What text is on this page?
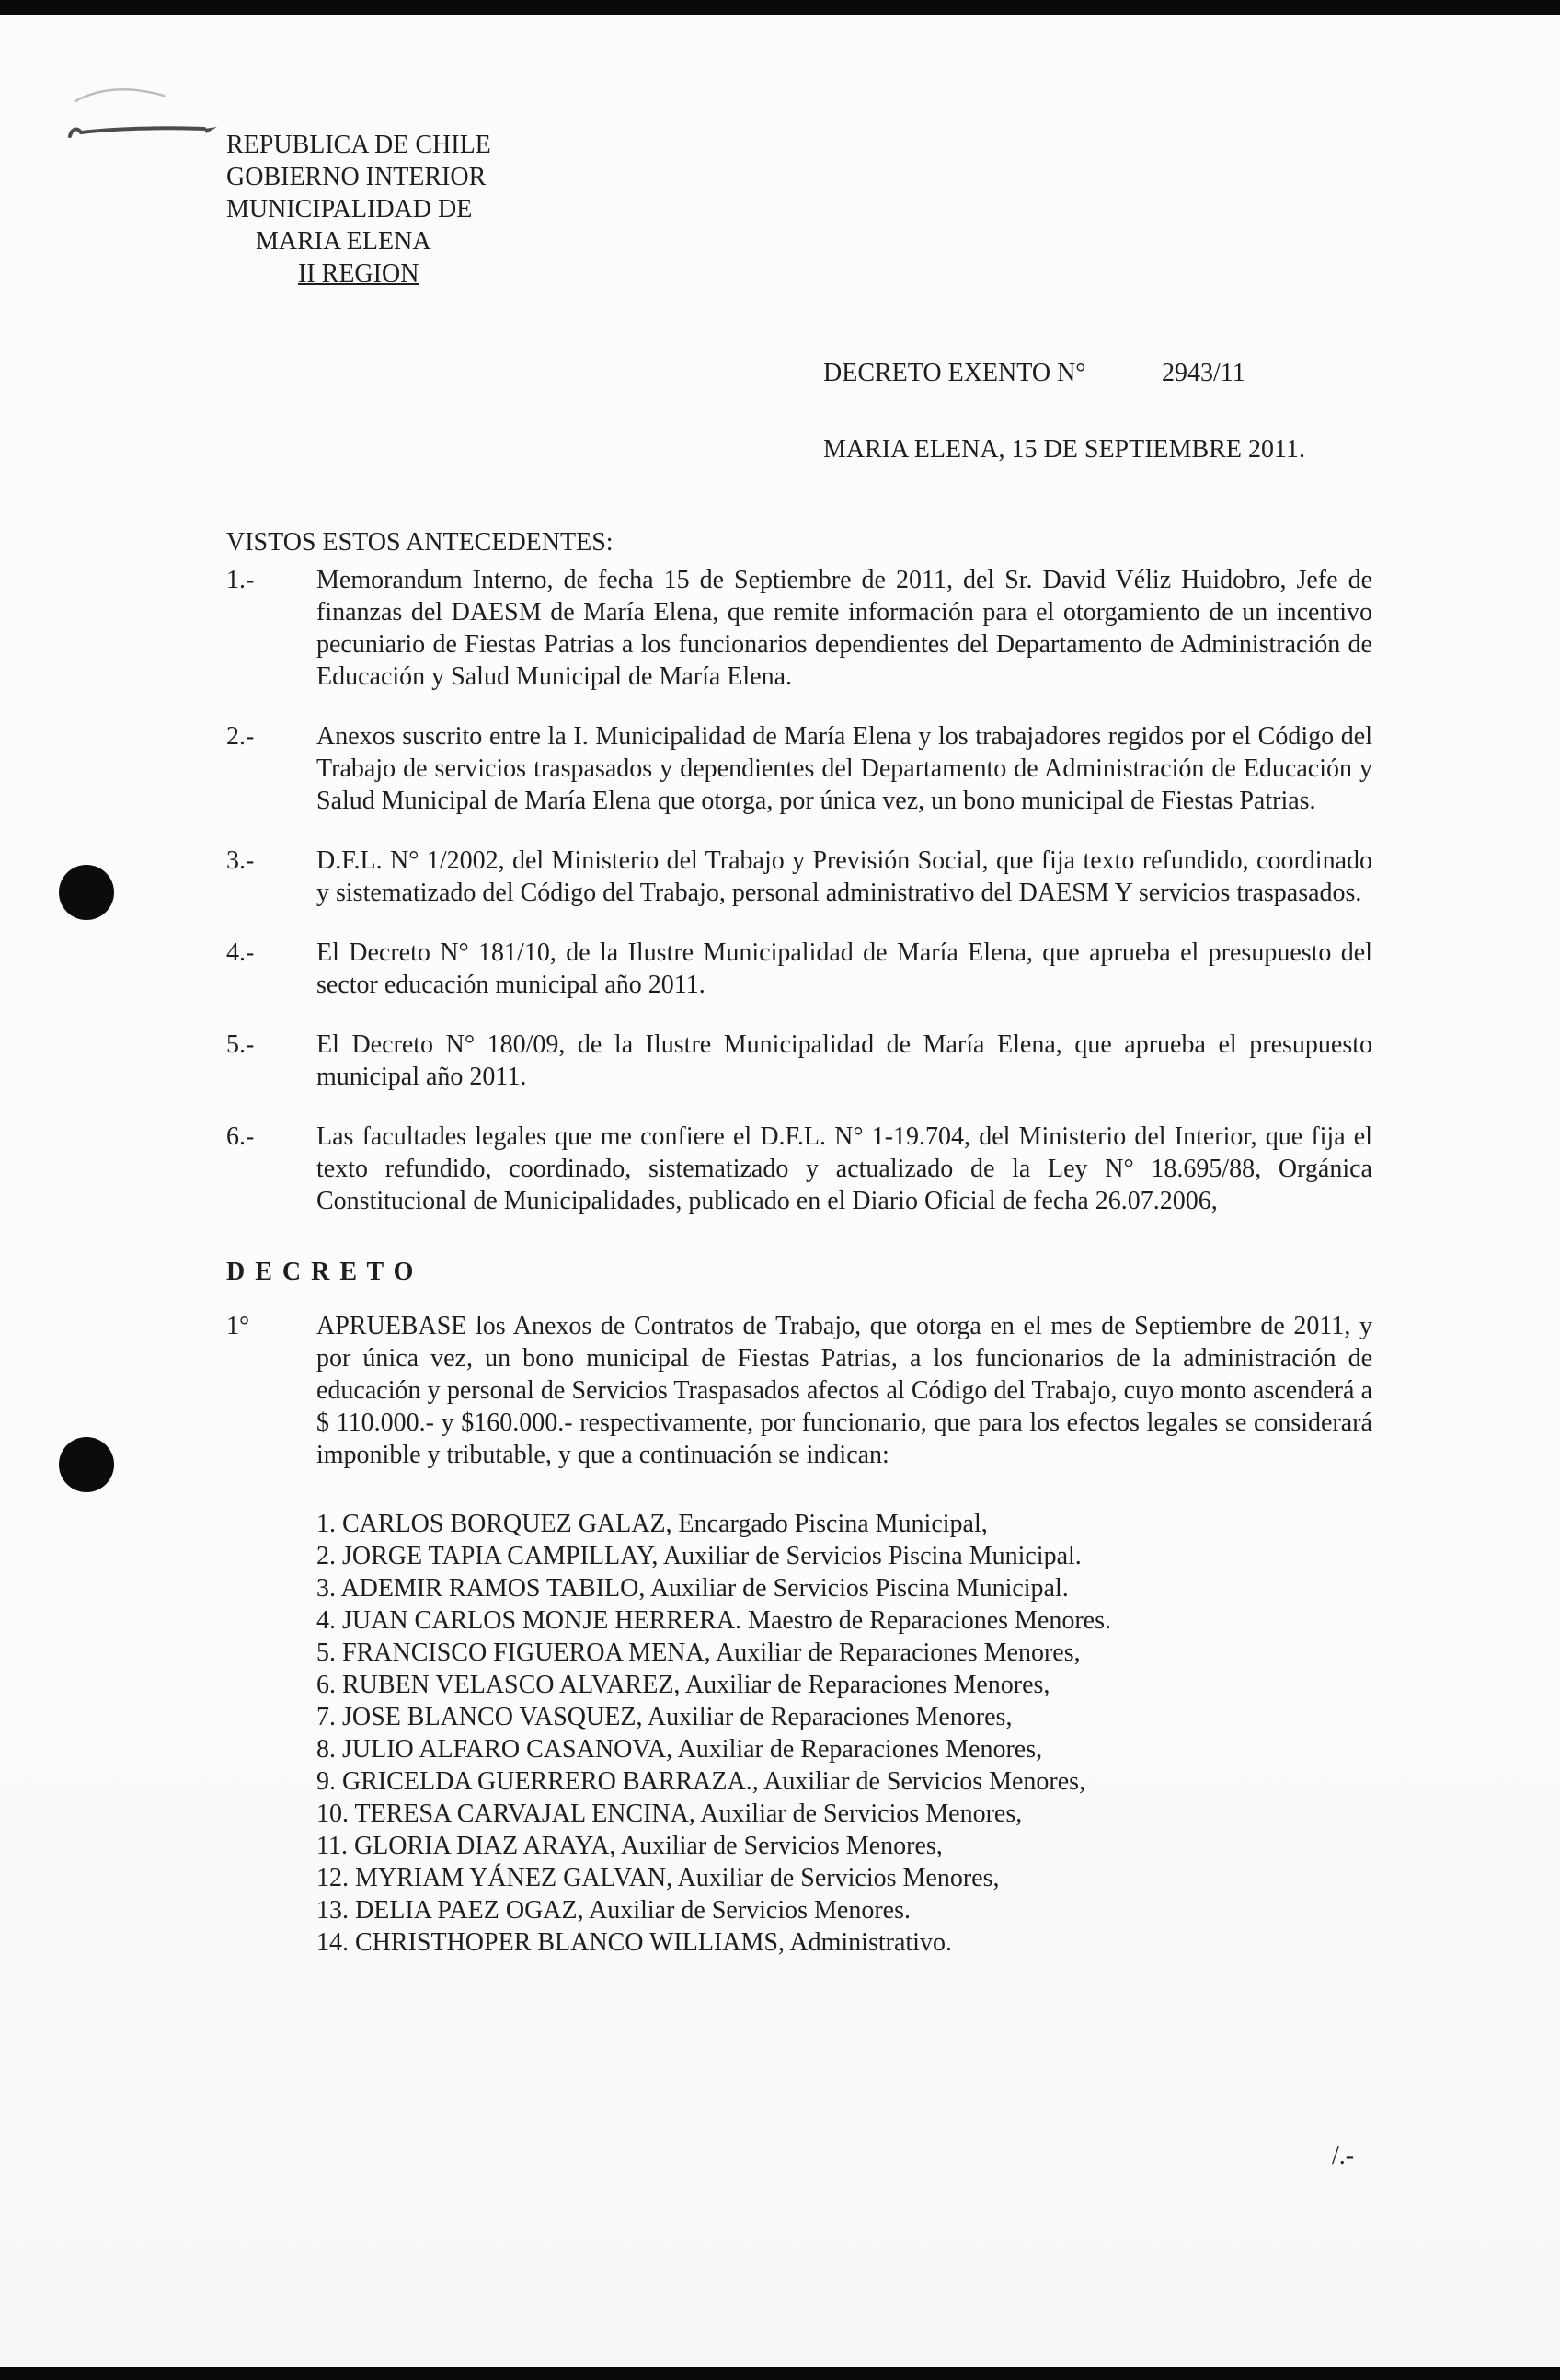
REPUBLICA DE CHILE
GOBIERNO INTERIOR
MUNICIPALIDAD DE
MARIA ELENA
II REGION
DECRETO EXENTO N°	2943/11
MARIA ELENA, 15 DE SEPTIEMBRE 2011.
VISTOS ESTOS ANTECEDENTES:
1.-	Memorandum Interno, de fecha 15 de Septiembre de 2011, del Sr. David Véliz Huidobro, Jefe de finanzas del DAESM de María Elena, que remite información para el otorgamiento de un incentivo pecuniario de Fiestas Patrias a los funcionarios dependientes del Departamento de Administración de Educación y Salud Municipal de María Elena.
2.-	Anexos suscrito entre la I. Municipalidad de María Elena y los trabajadores regidos por el Código del Trabajo de servicios traspasados y dependientes del Departamento de Administración de Educación y Salud Municipal de María Elena que otorga, por única vez, un bono municipal de Fiestas Patrias.
3.-	D.F.L. N° 1/2002, del Ministerio del Trabajo y Previsión Social, que fija texto refundido, coordinado y sistematizado del Código del Trabajo, personal administrativo del DAESM Y servicios traspasados.
4.-	El Decreto N° 181/10, de la Ilustre Municipalidad de María Elena, que aprueba el presupuesto del sector educación municipal año 2011.
5.-	El Decreto N° 180/09, de la Ilustre Municipalidad de María Elena, que aprueba el presupuesto municipal año 2011.
6.-	Las facultades legales que me confiere el D.F.L. N° 1-19.704, del Ministerio del Interior, que fija el texto refundido, coordinado, sistematizado y actualizado de la Ley N° 18.695/88, Orgánica Constitucional de Municipalidades, publicado en el Diario Oficial de fecha 26.07.2006,
D E C R E T O
1°	APRUEBASE los Anexos de Contratos de Trabajo, que otorga en el mes de Septiembre de 2011, y por única vez, un bono municipal de Fiestas Patrias, a los funcionarios de la administración de educación y personal de Servicios Traspasados afectos al Código del Trabajo, cuyo monto ascenderá a $ 110.000.- y $160.000.- respectivamente, por funcionario, que para los efectos legales se considerará imponible y tributable, y que a continuación se indican:
1. CARLOS BORQUEZ GALAZ, Encargado Piscina Municipal,
2. JORGE TAPIA CAMPILLAY, Auxiliar de Servicios Piscina Municipal.
3. ADEMIR RAMOS TABILO, Auxiliar de Servicios Piscina Municipal.
4. JUAN CARLOS MONJE HERRERA. Maestro de Reparaciones Menores.
5. FRANCISCO FIGUEROA MENA, Auxiliar de Reparaciones Menores,
6. RUBEN VELASCO ALVAREZ, Auxiliar de Reparaciones Menores,
7. JOSE BLANCO VASQUEZ, Auxiliar de Reparaciones Menores,
8. JULIO ALFARO CASANOVA, Auxiliar de Reparaciones Menores,
9. GRICELDA GUERRERO BARRAZA., Auxiliar de Servicios Menores,
10. TERESA CARVAJAL ENCINA, Auxiliar de Servicios Menores,
11. GLORIA DIAZ ARAYA, Auxiliar de Servicios Menores,
12. MYRIAM YÁNEZ GALVAN, Auxiliar de Servicios Menores,
13. DELIA PAEZ OGAZ, Auxiliar de Servicios Menores.
14. CHRISTHOPER BLANCO WILLIAMS, Administrativo.
/.-
